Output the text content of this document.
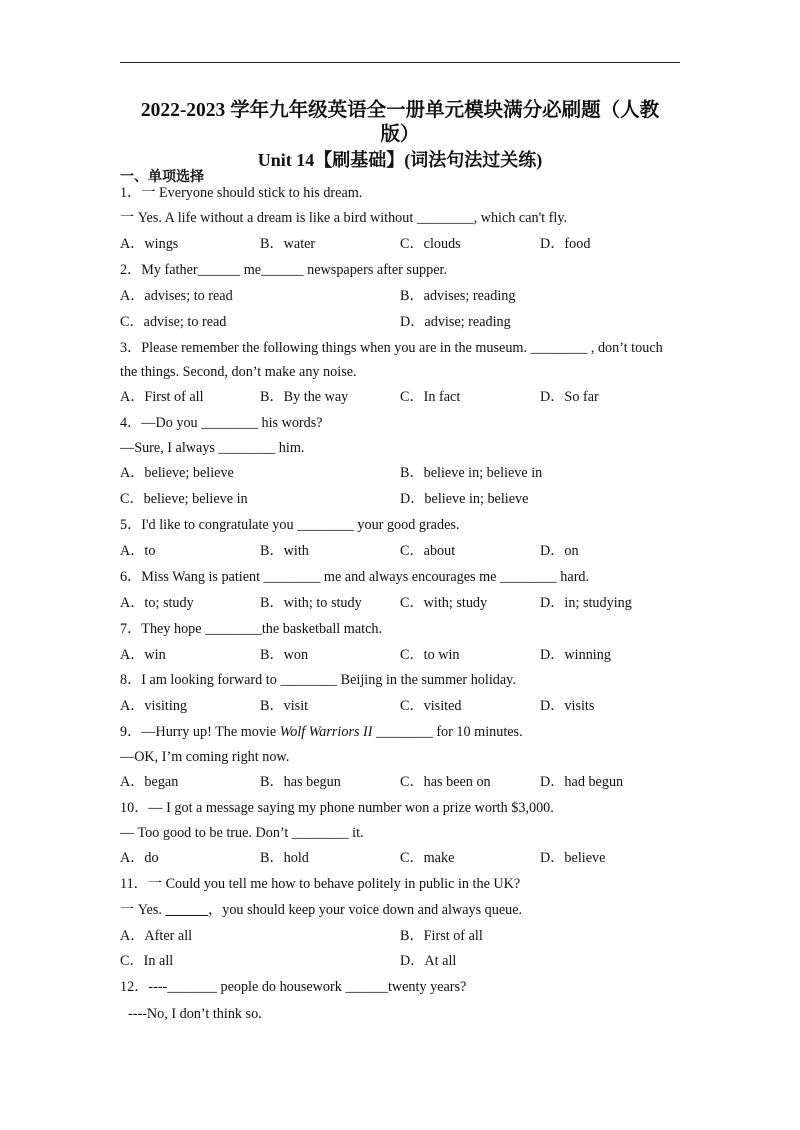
2022-2023 学年九年级英语全一册单元模块满分必刷题（人教
版）
Unit 14【刷基础】(词法句法过关练)
一、单项选择
1．一 Everyone should stick to his dream.
一 Yes. A life without a dream is like a bird without ________, which can't fly.
A．wings	B．water	C．clouds	D．food
2．My father______ me______ newspapers after supper.
A．advises; to read	B．advises; reading
C．advise; to read	D．advise; reading
3．Please remember the following things when you are in the museum. ________ , don’t touch the things. Second, don’t make any noise.
A．First of all	B．By the way	C．In fact	D．So far
4．—Do you ________ his words?
—Sure, I always ________ him.
A．believe; believe	B．believe in; believe in
C．believe; believe in	D．believe in; believe
5．I'd like to congratulate you ________ your good grades.
A．to	B．with	C．about	D．on
6．Miss Wang is patient ________ me and always encourages me ________ hard.
A．to; study	B．with; to study	C．with; study	D．in; studying
7．They hope ________the basketball match.
A．win	B．won	C．to win	D．winning
8．I am looking forward to ________ Beijing in the summer holiday.
A．visiting	B．visit	C．visited	D．visits
9．—Hurry up! The movie Wolf Warriors II ________ for 10 minutes.
—OK, I’m coming right now.
A．began	B．has begun	C．has been on	D．had begun
10．— I got a message saying my phone number won a prize worth $3,000.
— Too good to be true. Don’t ________ it.
A．do	B．hold	C．make	D．believe
11．一 Could you tell me how to behave politely in public in the UK?
一 Yes. ______，you should keep your voice down and always queue.
A．After all	B．First of all
C．In all	D．At all
12．----_______ people do housework ______twenty years?
----No, I don’t think so.
